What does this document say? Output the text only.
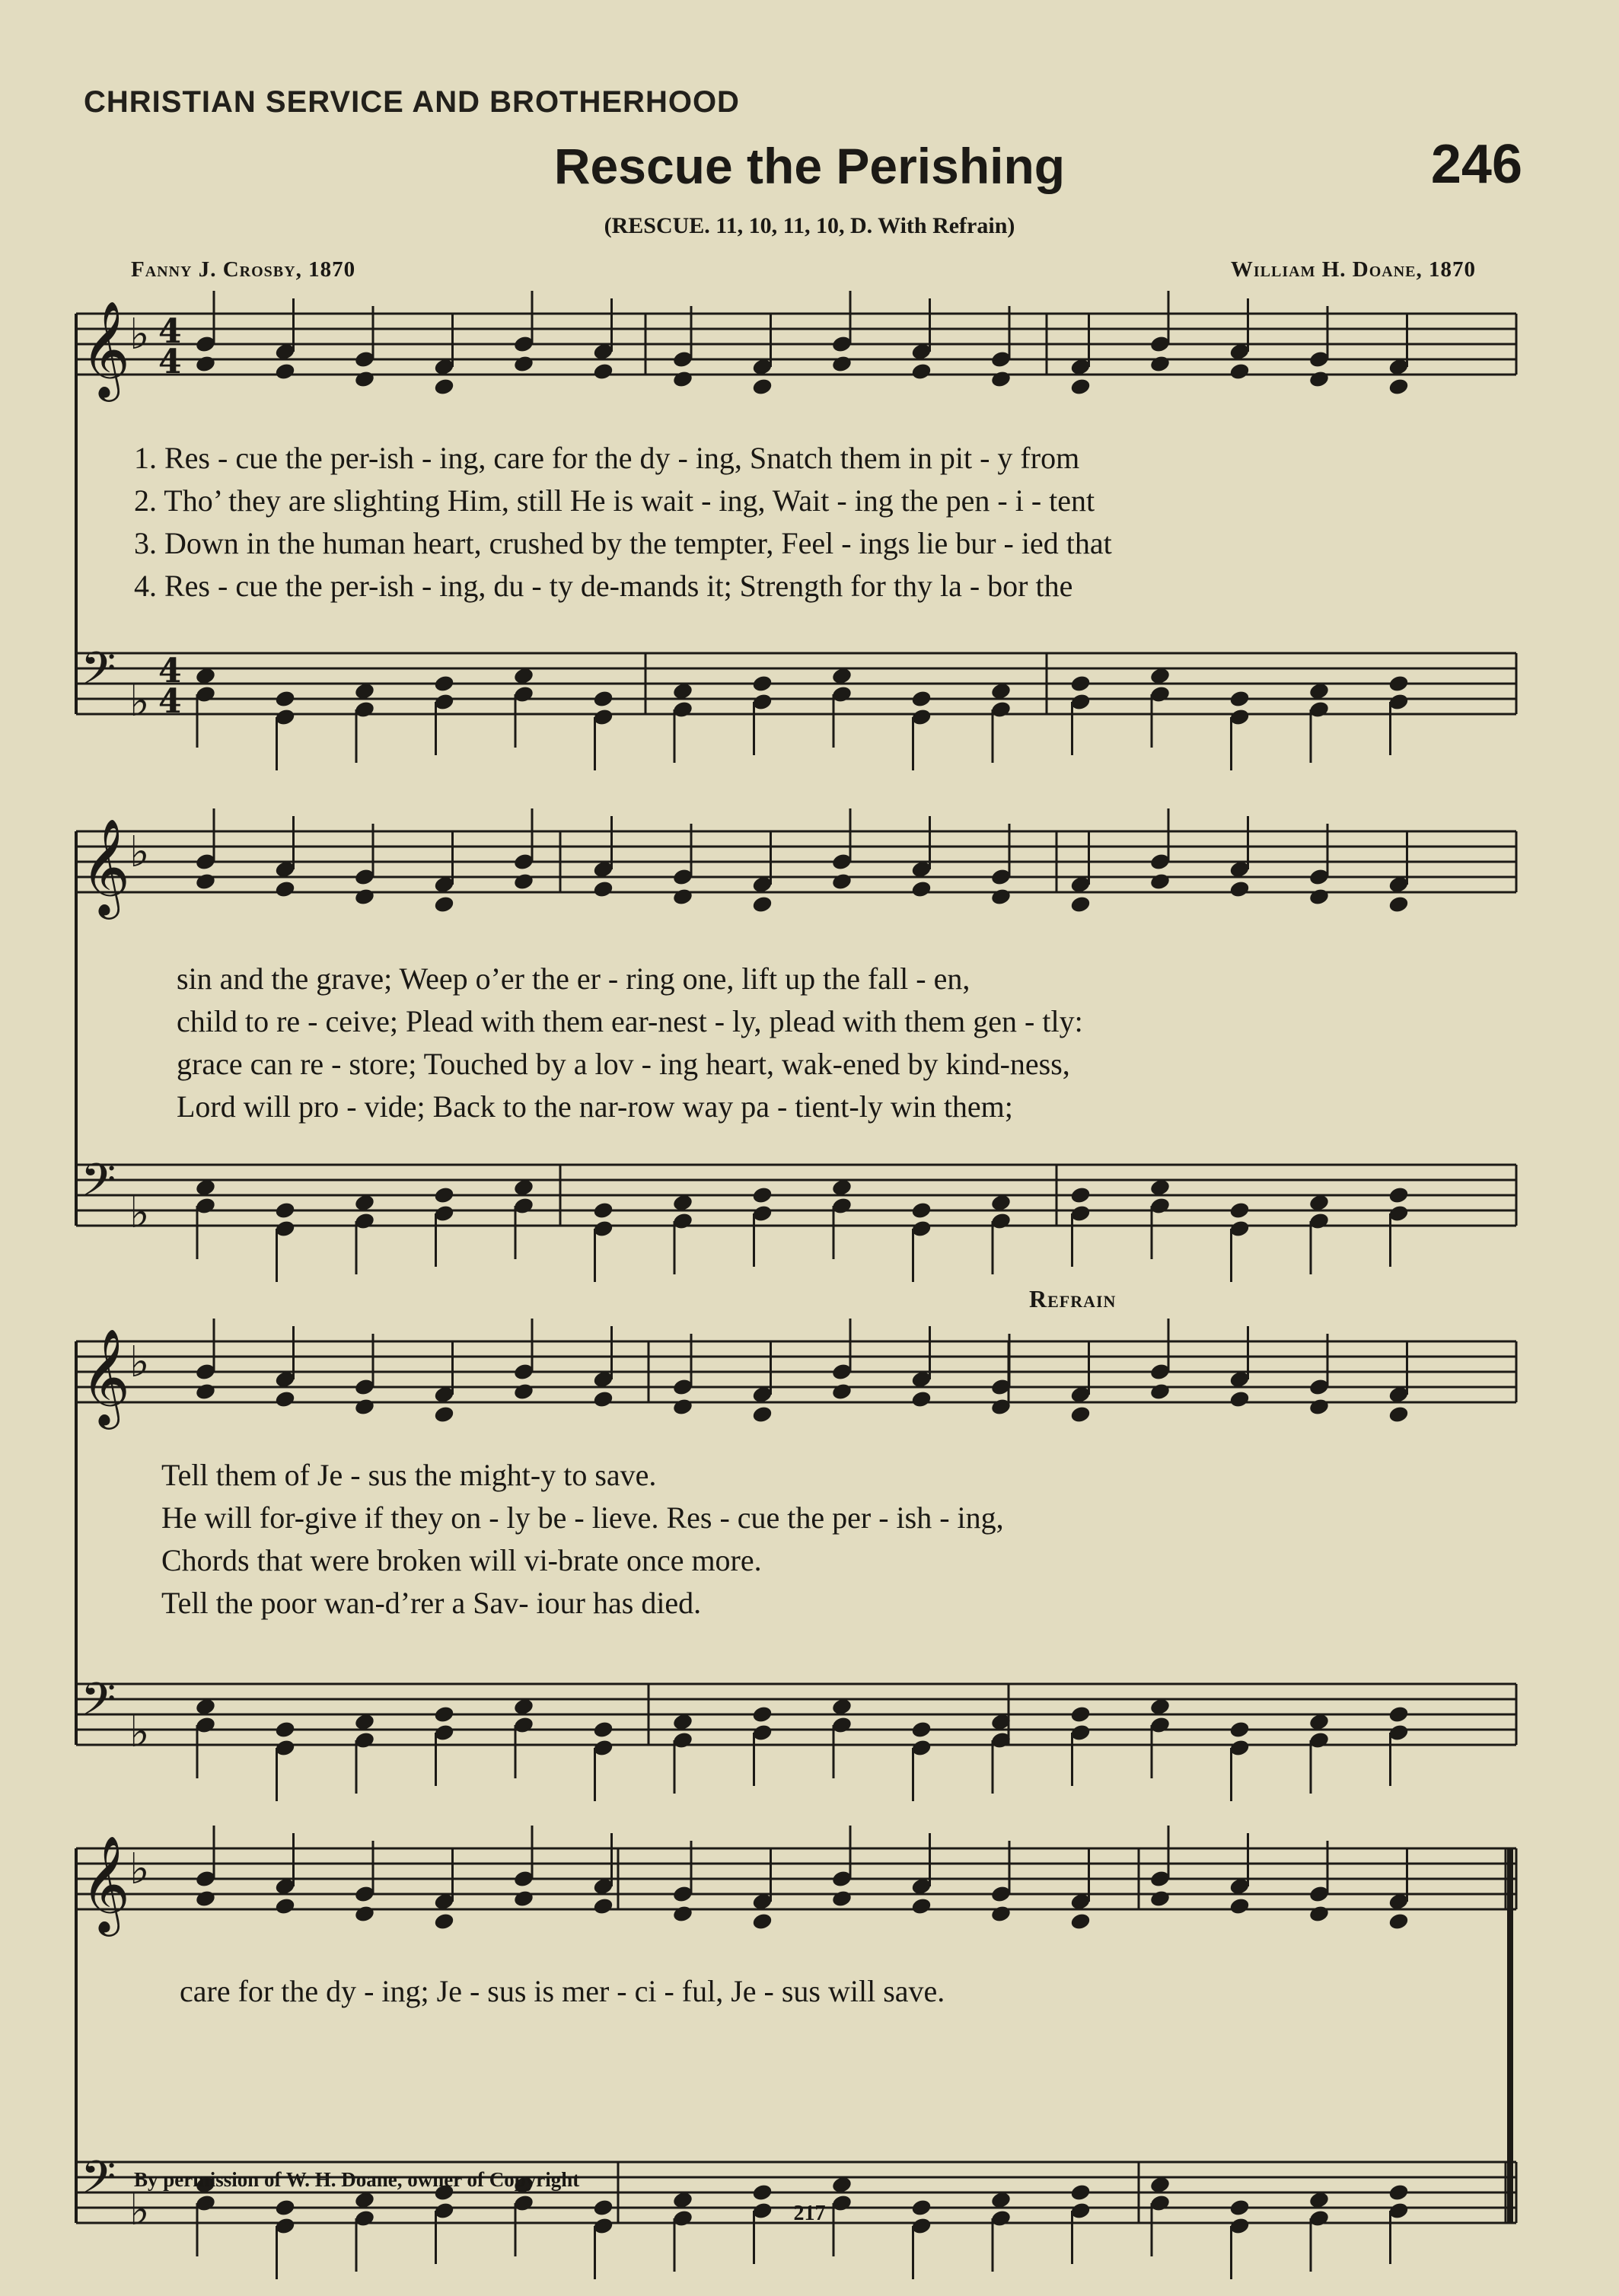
CHRISTIAN SERVICE AND BROTHERHOOD
Rescue the Perishing	246
(RESCUE. 11, 10, 11, 10, D. With Refrain)
Fanny J. Crosby, 1870	William H. Doane, 1870
𝄞
♭
𝄢 ♭
𝄞
♭
𝄢 ♭
𝄞
♭
𝄢 ♭
𝄞
♭
𝄢 ♭
4
4
4
4
Refrain
1. Res - cue the per-ish - ing, care for the dy - ing, Snatch them in pit - y from
2. Tho’ they are slighting Him, still He is wait - ing, Wait - ing the pen - i - tent
3. Down in the human heart, crushed by the tempter, Feel - ings lie bur - ied that
4. Res - cue the per-ish - ing, du - ty de-mands it; Strength for thy la - bor the
sin and the grave; Weep o’er the er - ring one, lift up the fall - en,
child to re - ceive; Plead with them ear-nest - ly, plead with them gen - tly:
grace can re - store; Touched by a lov - ing heart, wak-ened by kind-ness,
Lord will pro - vide; Back to the nar-row way pa - tient-ly win them;
Tell them of Je - sus the might-y to save.
He will for-give if they on - ly be - lieve. Res - cue the per - ish - ing,
Chords that were broken will vi-brate once more.
Tell the poor wan-d’rer a Sav- iour has died.
care for the dy - ing; Je - sus is mer - ci - ful, Je - sus will save.
By permission of W. H. Doane, owner of Copyright
217
